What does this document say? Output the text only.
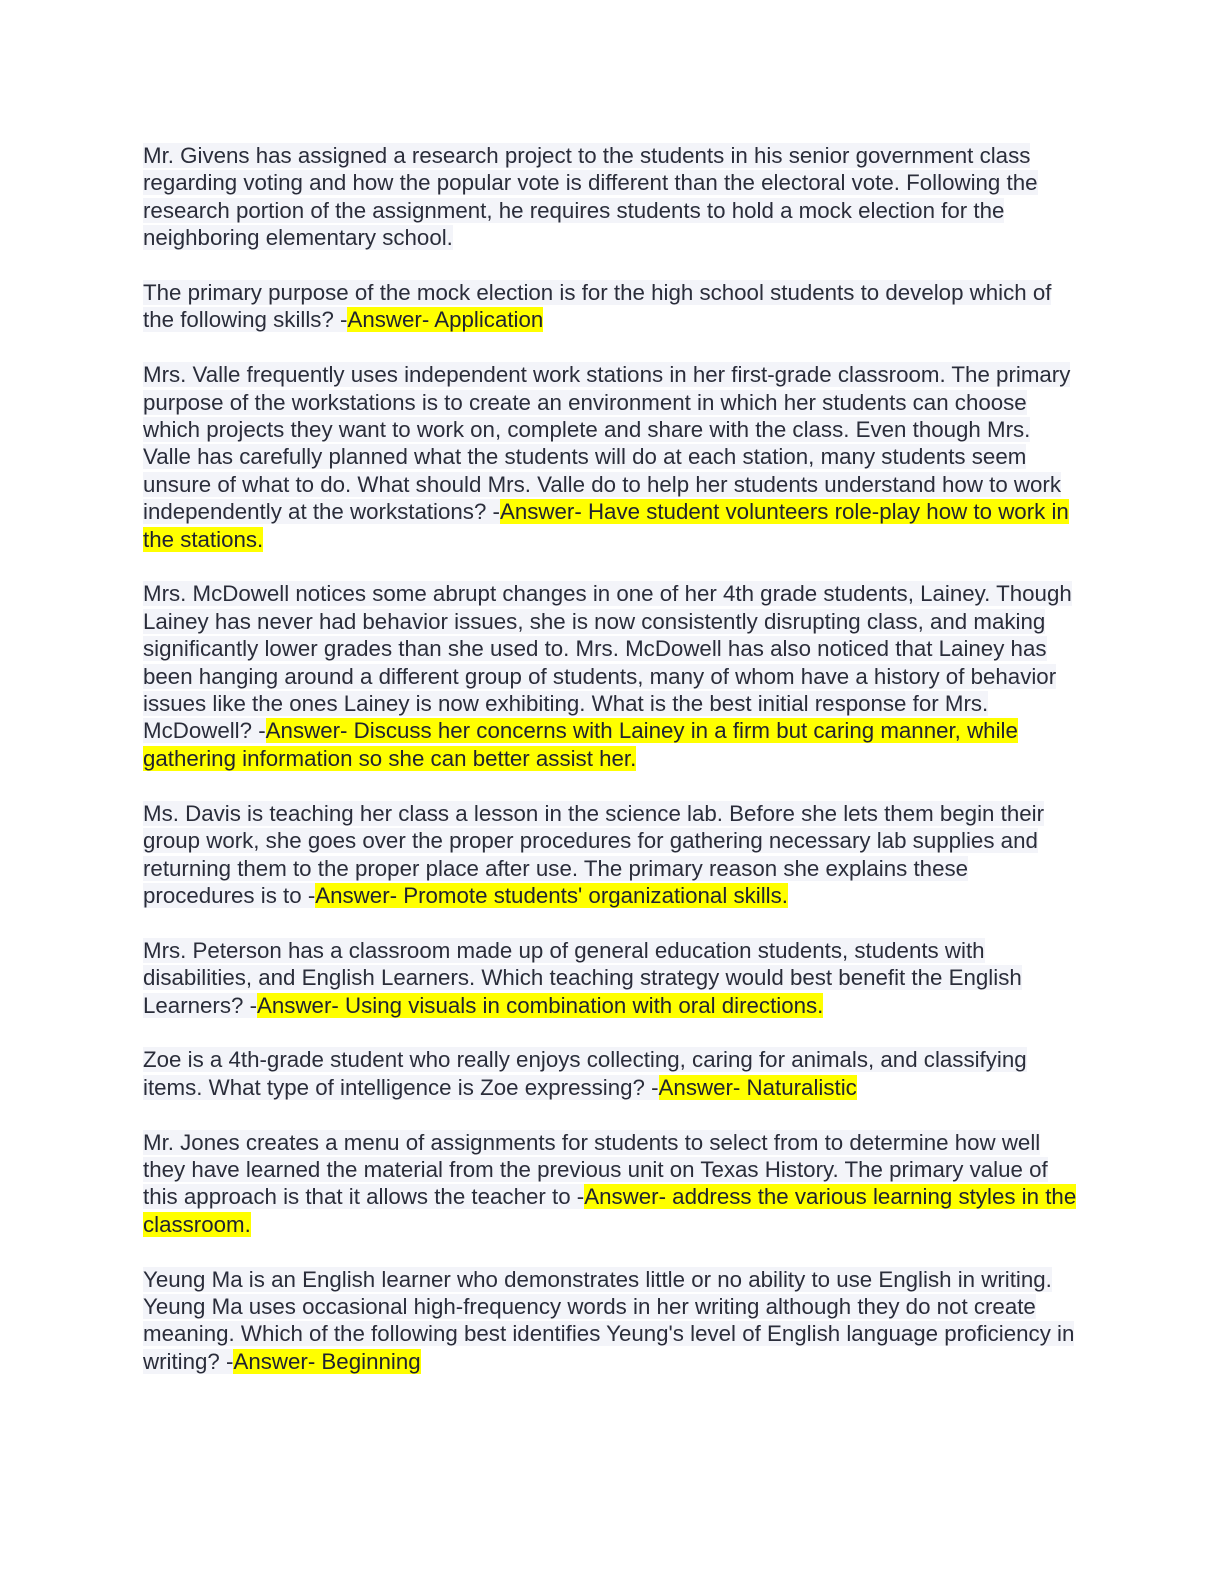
Mr. Givens has assigned a research project to the students in his senior government class regarding voting and how the popular vote is different than the electoral vote. Following the research portion of the assignment, he requires students to hold a mock election for the neighboring elementary school.

The primary purpose of the mock election is for the high school students to develop which of the following skills? -Answer- Application

Mrs. Valle frequently uses independent work stations in her first-grade classroom. The primary purpose of the workstations is to create an environment in which her students can choose which projects they want to work on, complete and share with the class. Even though Mrs. Valle has carefully planned what the students will do at each station, many students seem unsure of what to do. What should Mrs. Valle do to help her students understand how to work independently at the workstations? -Answer- Have student volunteers role-play how to work in the stations.

Mrs. McDowell notices some abrupt changes in one of her 4th grade students, Lainey. Though Lainey has never had behavior issues, she is now consistently disrupting class, and making significantly lower grades than she used to. Mrs. McDowell has also noticed that Lainey has been hanging around a different group of students, many of whom have a history of behavior issues like the ones Lainey is now exhibiting. What is the best initial response for Mrs. McDowell? -Answer- Discuss her concerns with Lainey in a firm but caring manner, while gathering information so she can better assist her.

Ms. Davis is teaching her class a lesson in the science lab. Before she lets them begin their group work, she goes over the proper procedures for gathering necessary lab supplies and returning them to the proper place after use. The primary reason she explains these procedures is to -Answer- Promote students' organizational skills.

Mrs. Peterson has a classroom made up of general education students, students with disabilities, and English Learners. Which teaching strategy would best benefit the English Learners? -Answer- Using visuals in combination with oral directions.

Zoe is a 4th-grade student who really enjoys collecting, caring for animals, and classifying items. What type of intelligence is Zoe expressing? -Answer- Naturalistic

Mr. Jones creates a menu of assignments for students to select from to determine how well they have learned the material from the previous unit on Texas History. The primary value of this approach is that it allows the teacher to -Answer- address the various learning styles in the classroom.

Yeung Ma is an English learner who demonstrates little or no ability to use English in writing. Yeung Ma uses occasional high-frequency words in her writing although they do not create meaning. Which of the following best identifies Yeung's level of English language proficiency in writing? -Answer- Beginning
